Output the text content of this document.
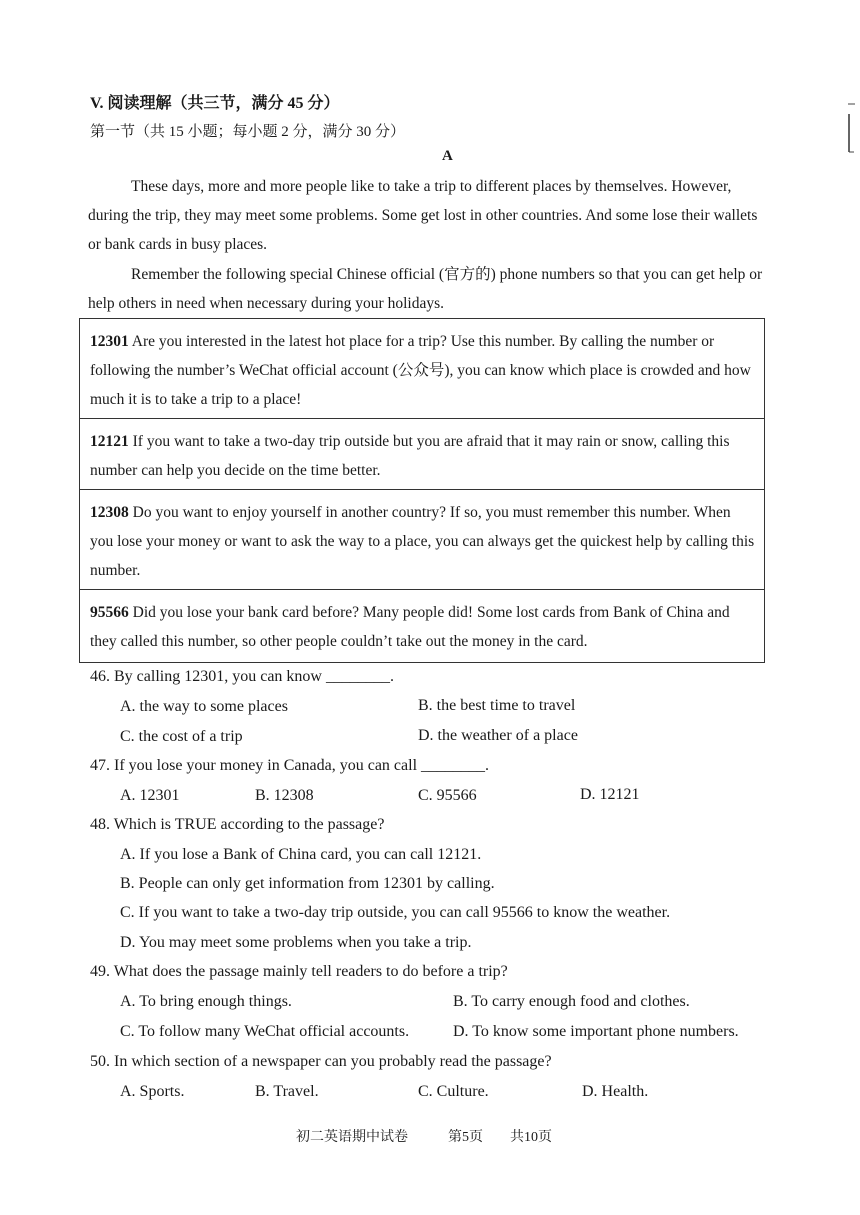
V. 阅读理解（共三节，满分 45 分）
第一节（共 15 小题；每小题 2 分，满分 30 分）
A
These days, more and more people like to take a trip to different places by themselves. However, during the trip, they may meet some problems. Some get lost in other countries. And some lose their wallets or bank cards in busy places.
Remember the following special Chinese official (官方的) phone numbers so that you can get help or help others in need when necessary during your holidays.
12301 Are you interested in the latest hot place for a trip? Use this number. By calling the number or following the number’s WeChat official account (公众号), you can know which place is crowded and how much it is to take a trip to a place!
12121 If you want to take a two-day trip outside but you are afraid that it may rain or snow, calling this number can help you decide on the time better.
12308 Do you want to enjoy yourself in another country? If so, you must remember this number. When you lose your money or want to ask the way to a place, you can always get the quickest help by calling this number.
95566 Did you lose your bank card before? Many people did! Some lost cards from Bank of China and they called this number, so other people couldn’t take out the money in the card.
46. By calling 12301, you can know ________.
A. the way to some places	B. the best time to travel
C. the cost of a trip	D. the weather of a place
47. If you lose your money in Canada, you can call ________.
A. 12301	B. 12308	C. 95566	D. 12121
48. Which is TRUE according to the passage?
A. If you lose a Bank of China card, you can call 12121.
B. People can only get information from 12301 by calling.
C. If you want to take a two-day trip outside, you can call 95566 to know the weather.
D. You may meet some problems when you take a trip.
49. What does the passage mainly tell readers to do before a trip?
A. To bring enough things.	B. To carry enough food and clothes.
C. To follow many WeChat official accounts.	D. To know some important phone numbers.
50. In which section of a newspaper can you probably read the passage?
A. Sports.	B. Travel.	C. Culture.	D. Health.
初二英语期中试卷	第5页 共10页
